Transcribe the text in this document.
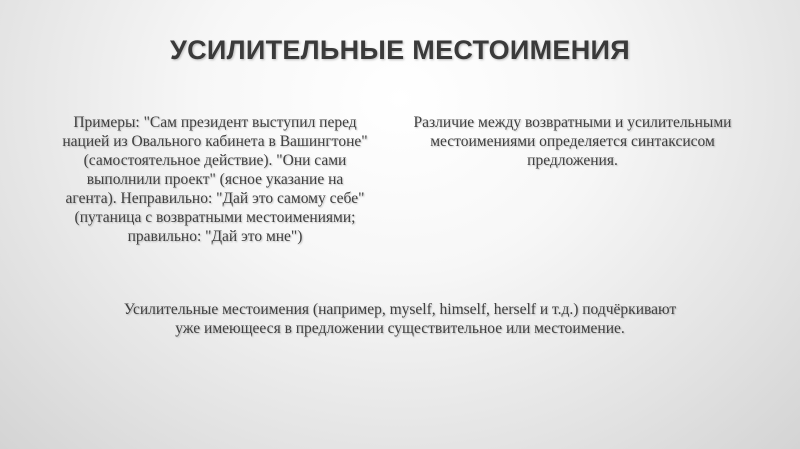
УСИЛИТЕЛЬНЫЕ МЕСТОИМЕНИЯ

Примеры: "Сам президент выступил перед нацией из Овального кабинета в Вашингтоне" (самостоятельное действие). "Они сами выполнили проект" (ясное указание на агента). Неправильно: "Дай это самому себе" (путаница с возвратными местоимениями; правильно: "Дай это мне")

Различие между возвратными и усилительными местоимениями определяется синтаксисом предложения.

Усилительные местоимения (например, myself, himself, herself и т.д.) подчёркивают уже имеющееся в предложении существительное или местоимение.
